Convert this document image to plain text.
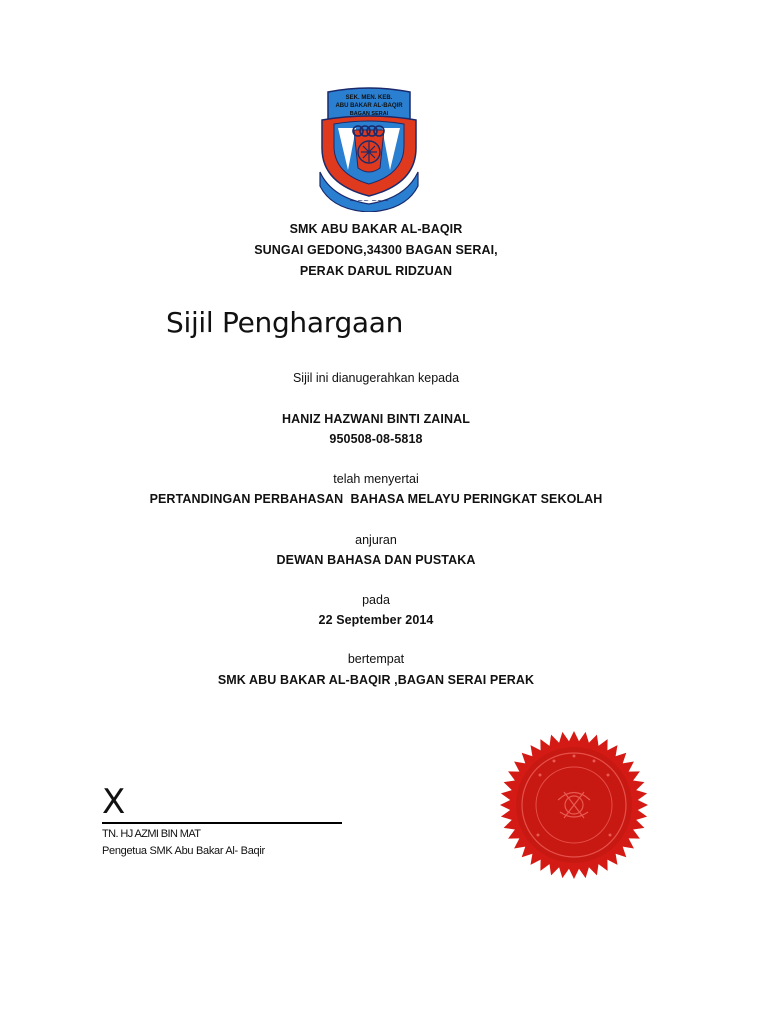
~ ~~ ~~~
SEK. MEN. KEB.
ABU BAKAR AL-BAQIR
BAGAN SERAI
SMK ABU BAKAR AL-BAQIR
SUNGAI GEDONG,34300 BAGAN SERAI,
PERAK DARUL RIDZUAN
Sijil Penghargaan
Sijil ini dianugerahkan kepada
HANIZ HAZWANI BINTI ZAINAL
950508-08-5818
telah menyertai
PERTANDINGAN PERBAHASAN  BAHASA MELAYU PERINGKAT SEKOLAH
anjuran
DEWAN BAHASA DAN PUSTAKA
pada
22 September 2014
bertempat
SMK ABU BAKAR AL-BAQIR ,BAGAN SERAI PERAK
X
TN. HJ AZMI BIN MAT
Pengetua SMK Abu Bakar Al- Baqir
